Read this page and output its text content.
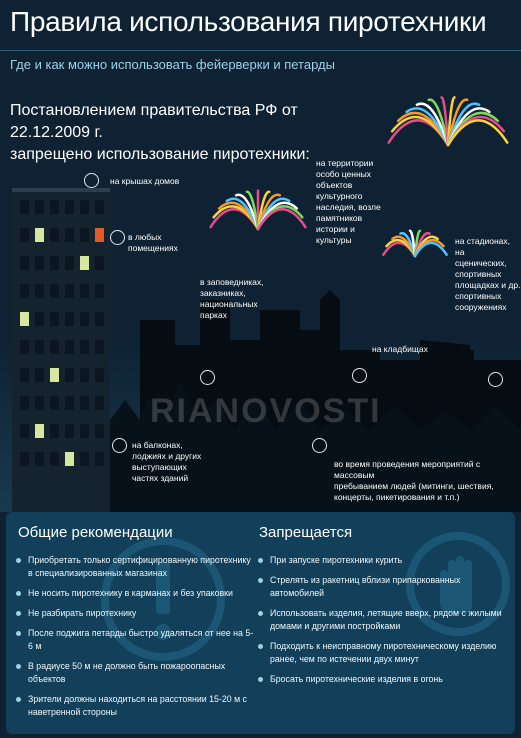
Правила использования пиротехники
Где и как можно использовать фейерверки и петарды
Постановлением правительства РФ от 22.12.2009 г.
запрещено использование пиротехники:
на крышах домов
в любых
помещениях
в заповедниках,
заказниках,
национальных
парках
на территории
особо ценных
объектов
культурного
наследия, возле
памятников
истории и
культуры	на стадионах, на
сценических,
спортивных
площадках и др.
спортивных
сооружениях
на кладбищах
на балконах,
лоджиях и других
выступающих
частях зданий
во время проведения мероприятий с массовым
пребыванием людей (митинги, шествия,
концерты, пикетирования и т.п.)
RIANOVOSTI
Общие рекомендации
Приобретать только сертифицированную пиротехнику в специализированных магазинах
Не носить пиротехнику в карманах и без упаковки
Не разбирать пиротехнику
После поджига петарды быстро удаляться от нее на 5-6 м
В радиусе 50 м не должно быть пожароопасных объектов
Зрители должны находиться на расстоянии 15-20 м с наветренной стороны
Запрещается
При запуске пиротехники курить
Стрелять из ракетниц вблизи припаркованных автомобилей
Использовать изделия, летящие вверх, рядом с жилыми домами и другими постройками
Подходить к неисправному пиротехническому изделию ранее, чем по истечении двух минут
Бросать пиротехнические изделия в огонь
